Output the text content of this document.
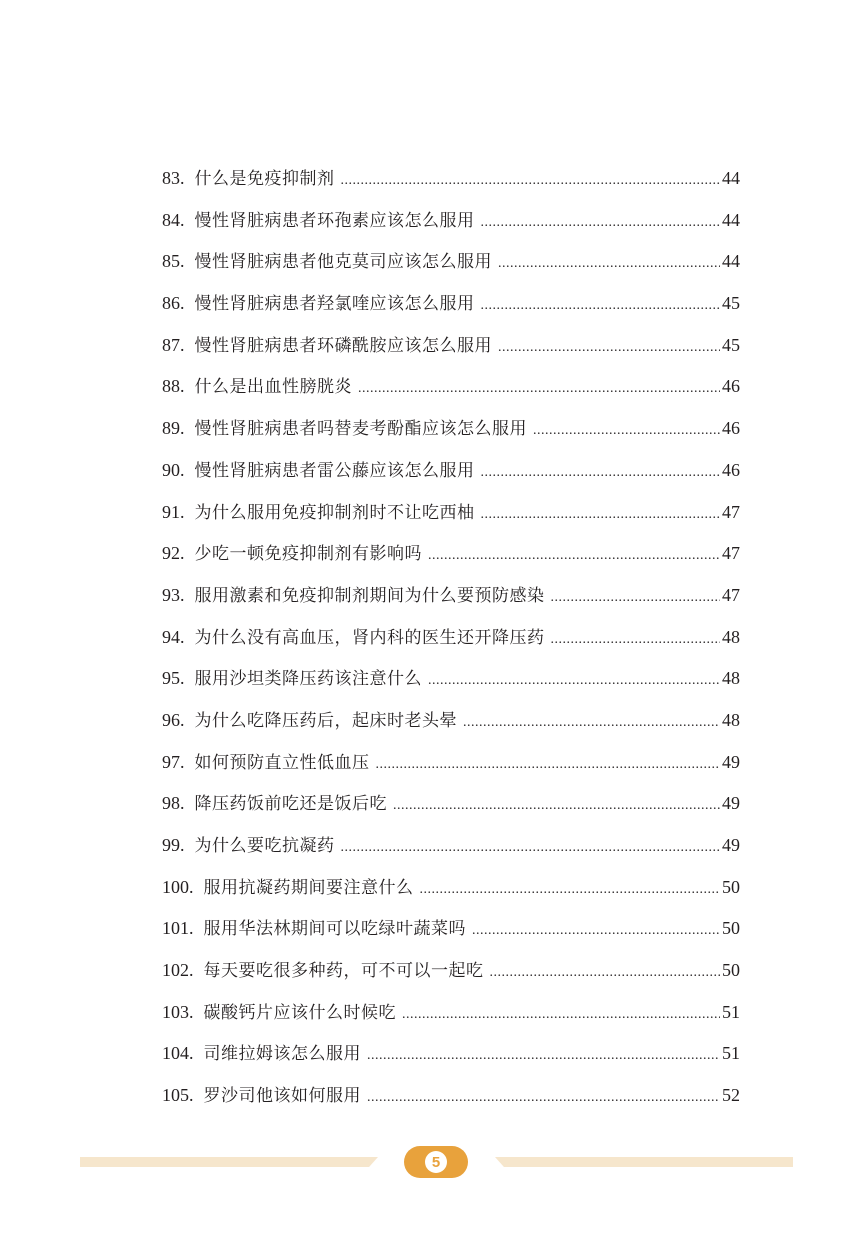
83. 什么是免疫抑制剂 .....	44
84. 慢性肾脏病患者环孢素应该怎么服用 .....	44
85. 慢性肾脏病患者他克莫司应该怎么服用 .....	44
86. 慢性肾脏病患者羟氯喹应该怎么服用 .....	45
87. 慢性肾脏病患者环磷酰胺应该怎么服用 .....	45
88. 什么是出血性膀胱炎 .....	46
89. 慢性肾脏病患者吗替麦考酚酯应该怎么服用 .....	46
90. 慢性肾脏病患者雷公藤应该怎么服用 .....	46
91. 为什么服用免疫抑制剂时不让吃西柚 .....	47
92. 少吃一顿免疫抑制剂有影响吗 .....	47
93. 服用激素和免疫抑制剂期间为什么要预防感染 .....	47
94. 为什么没有高血压，肾内科的医生还开降压药 .....	48
95. 服用沙坦类降压药该注意什么 .....	48
96. 为什么吃降压药后，起床时老头晕 .....	48
97. 如何预防直立性低血压 .....	49
98. 降压药饭前吃还是饭后吃 .....	49
99. 为什么要吃抗凝药 .....	49
100. 服用抗凝药期间要注意什么 .....	50
101. 服用华法林期间可以吃绿叶蔬菜吗 .....	50
102. 每天要吃很多种药，可不可以一起吃 .....	50
103. 碳酸钙片应该什么时候吃 .....	51
104. 司维拉姆该怎么服用 .....	51
105. 罗沙司他该如何服用 .....	52
5
